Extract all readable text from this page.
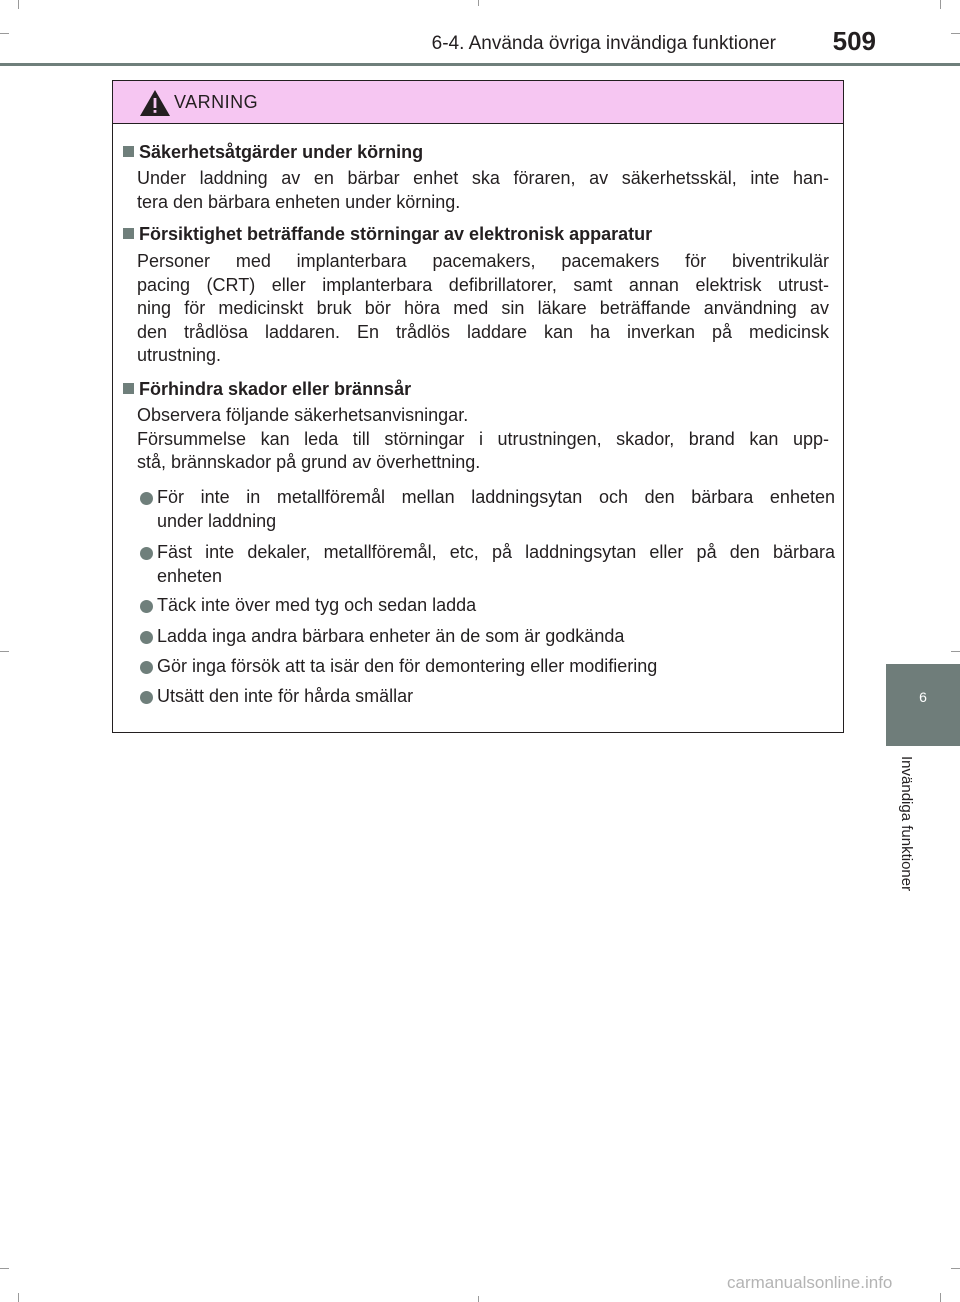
6-4. Använda övriga invändiga funktioner	509
6
Invändiga funktioner
VARNING
Säkerhetsåtgärder under körning
Under laddning av en bärbar enhet ska föraren, av säkerhetsskäl, inte han-
tera den bärbara enheten under körning.
Försiktighet beträffande störningar av elektronisk apparatur
Personer med implanterbara pacemakers, pacemakers för biventrikulär
pacing (CRT) eller implanterbara defibrillatorer, samt annan elektrisk utrust-
ning för medicinskt bruk bör höra med sin läkare beträffande användning av
den trådlösa laddaren. En trådlös laddare kan ha inverkan på medicinsk
utrustning.
Förhindra skador eller brännsår
Observera följande säkerhetsanvisningar.
Försummelse kan leda till störningar i utrustningen, skador, brand kan upp-
stå, brännskador på grund av överhettning.
För inte in metallföremål mellan laddningsytan och den bärbara enheten
under laddning
Fäst inte dekaler, metallföremål, etc, på laddningsytan eller på den bärbara
enheten
Täck inte över med tyg och sedan ladda
Ladda inga andra bärbara enheter än de som är godkända
Gör inga försök att ta isär den för demontering eller modifiering
Utsätt den inte för hårda smällar
carmanualsonline.info
